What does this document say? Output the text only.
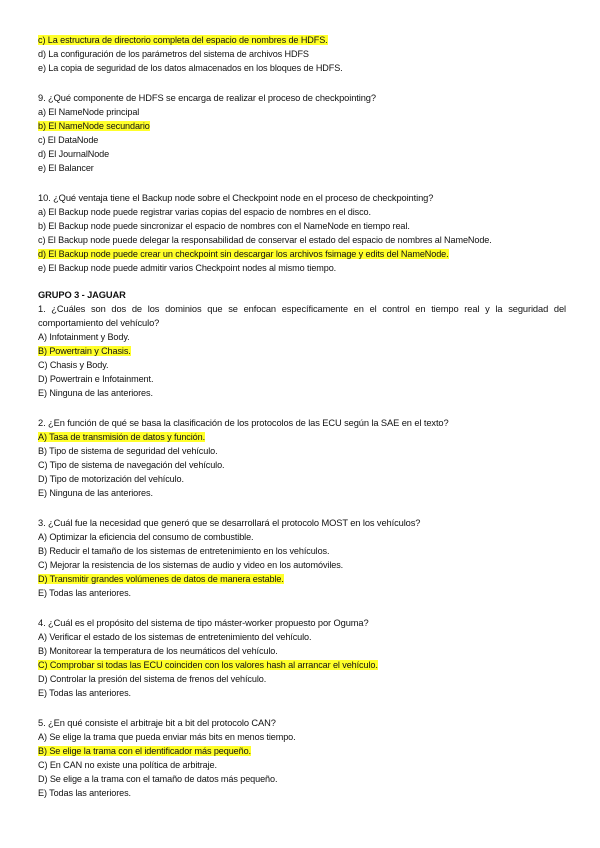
c) La estructura de directorio completa del espacio de nombres de HDFS.
d) La configuración de los parámetros del sistema de archivos HDFS
e) La copia de seguridad de los datos almacenados en los bloques de HDFS.
9. ¿Qué componente de HDFS se encarga de realizar el proceso de checkpointing?
a) El NameNode principal
b) El NameNode secundario
c) El DataNode
d) El JournalNode
e) El Balancer
10. ¿Qué ventaja tiene el Backup node sobre el Checkpoint node en el proceso de checkpointing?
a) El Backup node puede registrar varias copias del espacio de nombres en el disco.
b) El Backup node puede sincronizar el espacio de nombres con el NameNode en tiempo real.
c) El Backup node puede delegar la responsabilidad de conservar el estado del espacio de nombres al NameNode.
d) El Backup node puede crear un checkpoint sin descargar los archivos fsimage y edits del NameNode.
e) El Backup node puede admitir varios Checkpoint nodes al mismo tiempo.
GRUPO 3 - JAGUAR
1. ¿Cuáles son dos de los dominios que se enfocan específicamente en el control en tiempo real y la seguridad del comportamiento del vehículo?
A) Infotainment y Body.
B) Powertrain y Chasis.
C) Chasis y Body.
D) Powertrain e Infotainment.
E) Ninguna de las anteriores.
2. ¿En función de qué se basa la clasificación de los protocolos de las ECU según la SAE en el texto?
A) Tasa de transmisión de datos y función.
B) Tipo de sistema de seguridad del vehículo.
C) Tipo de sistema de navegación del vehículo.
D) Tipo de motorización del vehículo.
E) Ninguna de las anteriores.
3. ¿Cuál fue la necesidad que generó que se desarrollará el protocolo MOST en los vehículos?
A) Optimizar la eficiencia del consumo de combustible.
B) Reducir el tamaño de los sistemas de entretenimiento en los vehículos.
C) Mejorar la resistencia de los sistemas de audio y video en los automóviles.
D) Transmitir grandes volúmenes de datos de manera estable.
E) Todas las anteriores.
4. ¿Cuál es el propósito del sistema de tipo máster-worker propuesto por Oguma?
A) Verificar el estado de los sistemas de entretenimiento del vehículo.
B) Monitorear la temperatura de los neumáticos del vehículo.
C) Comprobar si todas las ECU coinciden con los valores hash al arrancar el vehículo.
D) Controlar la presión del sistema de frenos del vehículo.
E) Todas las anteriores.
5. ¿En qué consiste el arbitraje bit a bit del protocolo CAN?
A) Se elige la trama que pueda enviar más bits en menos tiempo.
B) Se elige la trama con el identificador más pequeño.
C) En CAN no existe una política de arbitraje.
D) Se elige a la trama con el tamaño de datos más pequeño.
E) Todas las anteriores.
